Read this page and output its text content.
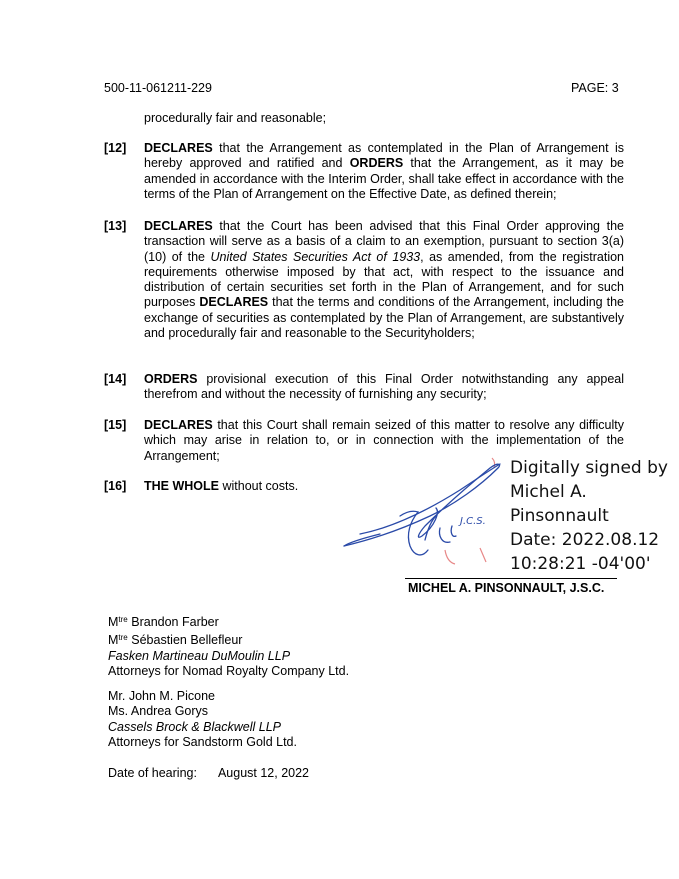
500-11-061211-229	PAGE: 3
procedurally fair and reasonable;
[12] DECLARES that the Arrangement as contemplated in the Plan of Arrangement is hereby approved and ratified and ORDERS that the Arrangement, as it may be amended in accordance with the Interim Order, shall take effect in accordance with the terms of the Plan of Arrangement on the Effective Date, as defined therein;
[13] DECLARES that the Court has been advised that this Final Order approving the transaction will serve as a basis of a claim to an exemption, pursuant to section 3(a)(10) of the United States Securities Act of 1933, as amended, from the registration requirements otherwise imposed by that act, with respect to the issuance and distribution of certain securities set forth in the Plan of Arrangement, and for such purposes DECLARES that the terms and conditions of the Arrangement, including the exchange of securities as contemplated by the Plan of Arrangement, are substantively and procedurally fair and reasonable to the Securityholders;
[14] ORDERS provisional execution of this Final Order notwithstanding any appeal therefrom and without the necessity of furnishing any security;
[15] DECLARES that this Court shall remain seized of this matter to resolve any difficulty which may arise in relation to, or in connection with the implementation of the Arrangement;
[16] THE WHOLE without costs.
J.C.S.
Digitally signed by
Michel A.
Pinsonnault
Date: 2022.08.12
10:28:21 -04'00'
MICHEL A. PINSONNAULT, J.S.C.
$M^{tre}$ Brandon Farber
$M^{tre}$ Sébastien Bellefleur
Fasken Martineau DuMoulin LLP
Attorneys for Nomad Royalty Company Ltd.
Mr. John M. Picone
Ms. Andrea Gorys
Cassels Brock & Blackwell LLP
Attorneys for Sandstorm Gold Ltd.
Date of hearing: August 12, 2022
